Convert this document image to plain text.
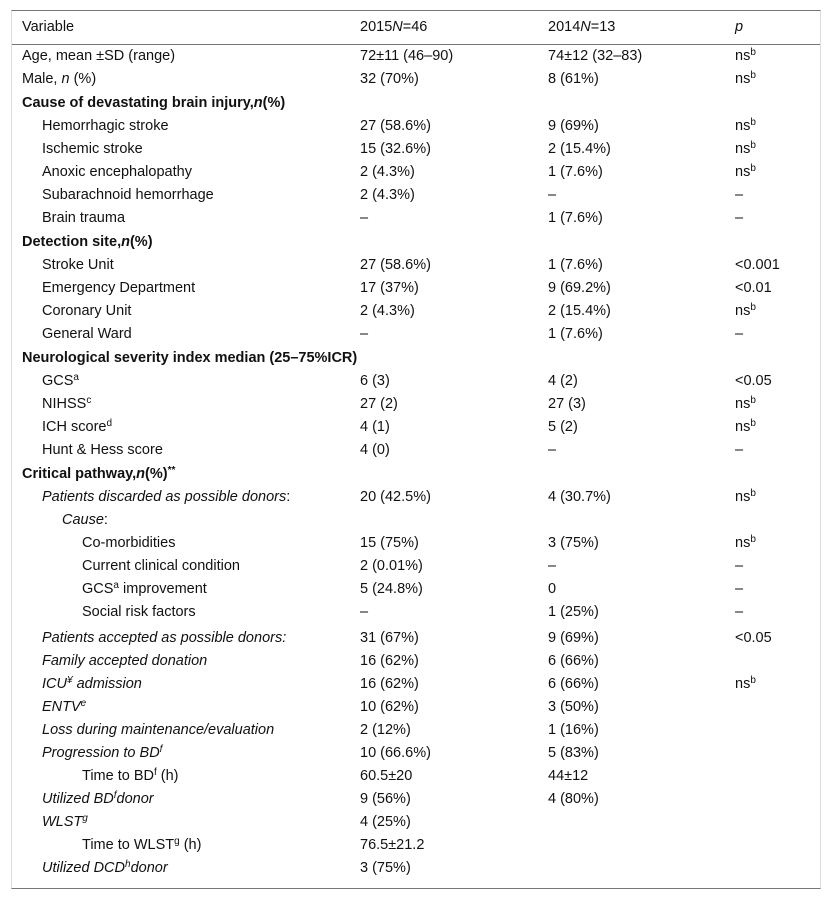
Variable	2015N=46	2014N=13	p
Age, mean ±SD (range)	72±11 (46–90)	74±12 (32–83)	$ns^b$
Male, n (%)	32 (70%)	8 (61%)	$ns^b$
Cause of devastating brain injury,n(%)
Hemorrhagic stroke	27 (58.6%)	9 (69%)	$ns^b$
Ischemic stroke	15 (32.6%)	2 (15.4%)	$ns^b$
Anoxic encephalopathy	2 (4.3%)	1 (7.6%)	$ns^b$
Subarachnoid hemorrhage	2 (4.3%)	–	–
Brain trauma	–	1 (7.6%)	–
Detection site,n(%)
Stroke Unit	27 (58.6%)	1 (7.6%)	<0.001
Emergency Department	17 (37%)	9 (69.2%)	<0.01
Coronary Unit	2 (4.3%)	2 (15.4%)	$ns^b$
General Ward	–	1 (7.6%)	–
Neurological severity index median (25–75%ICR)
GCS$^a$	6 (3)	4 (2)	<0.05
NIHSS$^c$	27 (2)	27 (3)	$ns^b$
ICH score$^d$	4 (1)	5 (2)	$ns^b$
Hunt & Hess score	4 (0)	–	–
Critical pathway,n(%)**
Patients discarded as possible donors:	20 (42.5%)	4 (30.7%)	$ns^b$
Cause:
Co-morbidities	15 (75%)	3 (75%)	$ns^b$
Current clinical condition	2 (0.01%)	–	–
GCS$^a$ improvement	5 (24.8%)	0	–
Social risk factors	–	1 (25%)	–
Patients accepted as possible donors:	31 (67%)	9 (69%)	<0.05
Family accepted donation	16 (62%)	6 (66%)
ICU¥ admission	16 (62%)	6 (66%)	$ns^b$
ENTV$^e$	10 (62%)	3 (50%)
Loss during maintenance/evaluation	2 (12%)	1 (16%)
Progression to $BD^f$	10 (66.6%)	5 (83%)
Time to $BD^f$ (h)	60.5±20	44±12
Utilized $BD^fdonor$	9 (56%)	4 (80%)
WLST$^g$	4 (25%)
Time to WLST$^g$ (h)	76.5±21.2
Utilized DCD$^h$donor	3 (75%)
